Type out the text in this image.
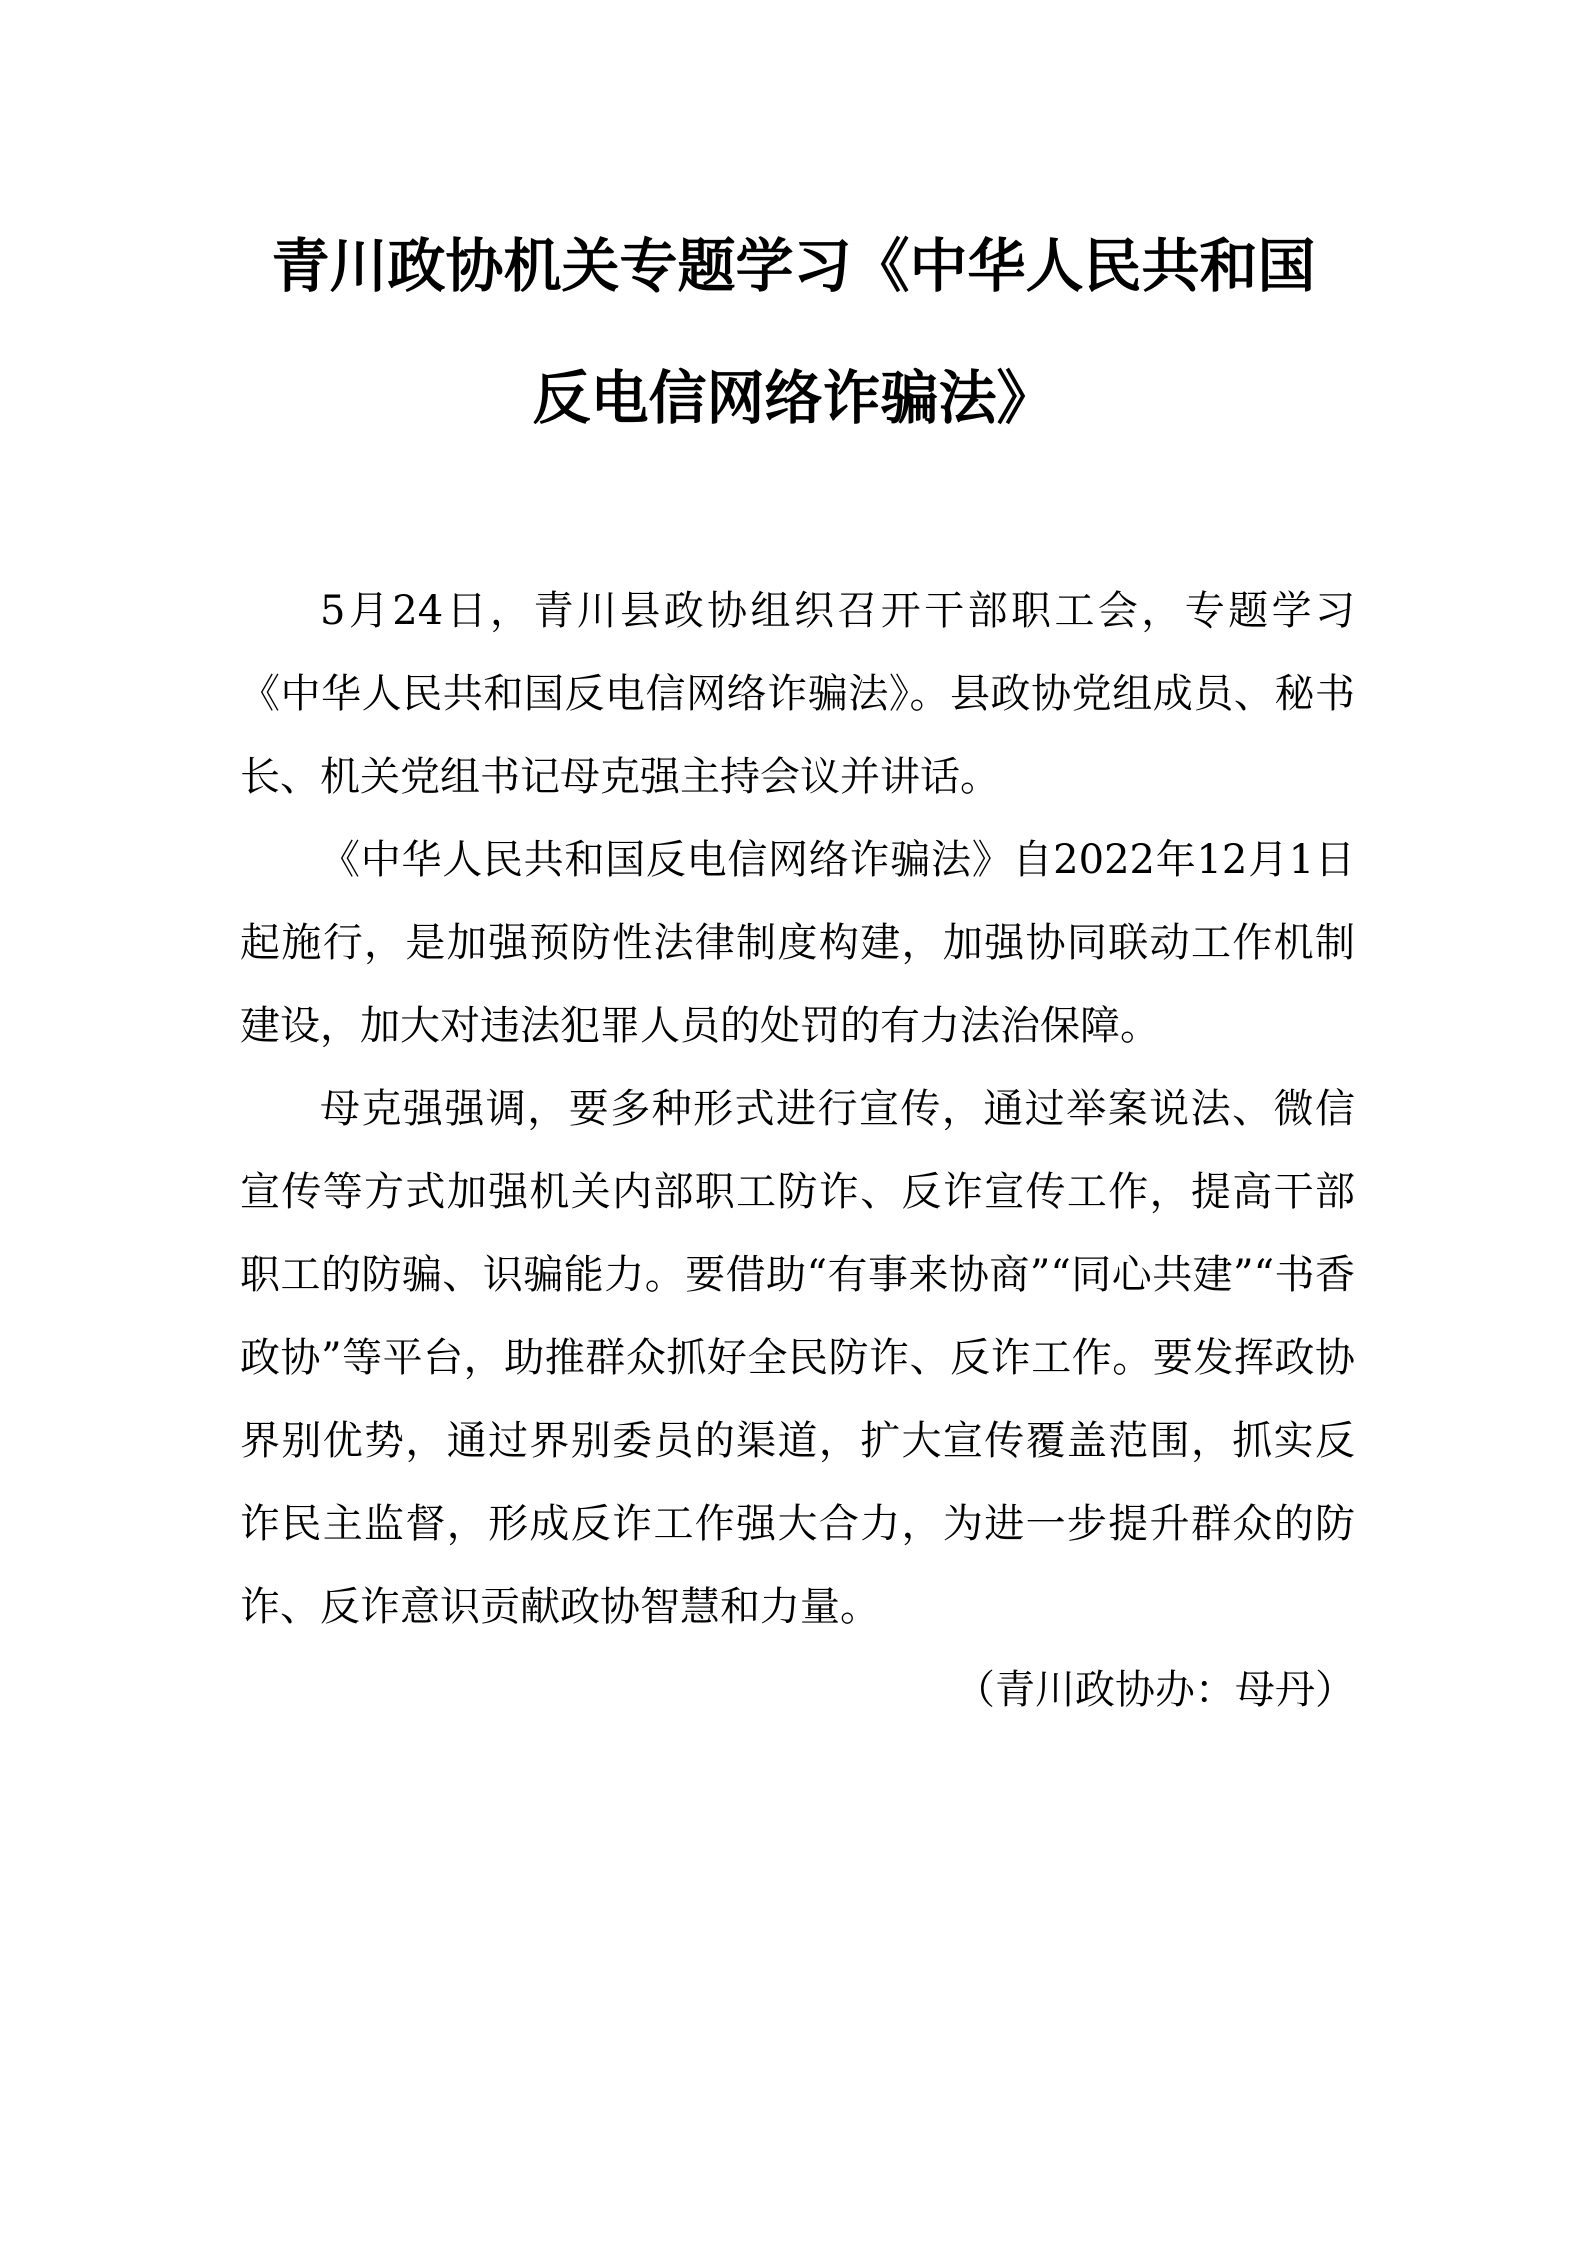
青川政协机关专题学习《中华人民共和国
反电信网络诈骗法》

5月24日，青川县政协组织召开干部职工会，专题学习《中华人民共和国反电信网络诈骗法》。县政协党组成员、秘书长、机关党组书记母克强主持会议并讲话。

《中华人民共和国反电信网络诈骗法》自2022年12月1日起施行，是加强预防性法律制度构建，加强协同联动工作机制建设，加大对违法犯罪人员的处罚的有力法治保障。

母克强强调，要多种形式进行宣传，通过举案说法、微信宣传等方式加强机关内部职工防诈、反诈宣传工作，提高干部职工的防骗、识骗能力。要借助“有事来协商”“同心共建”“书香政协”等平台，助推群众抓好全民防诈、反诈工作。要发挥政协界别优势，通过界别委员的渠道，扩大宣传覆盖范围，抓实反诈民主监督，形成反诈工作强大合力，为进一步提升群众的防诈、反诈意识贡献政协智慧和力量。

（青川政协办：母丹）
